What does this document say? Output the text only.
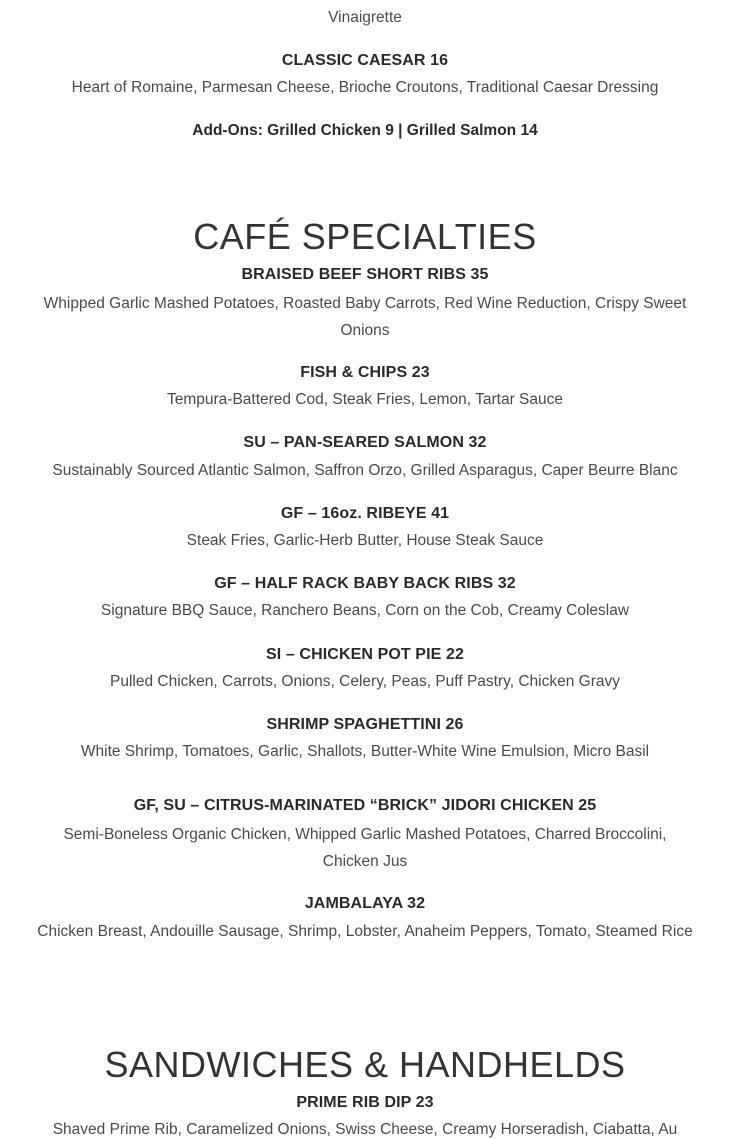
Vinaigrette
CLASSIC CAESAR 16
Heart of Romaine, Parmesan Cheese, Brioche Croutons, Traditional Caesar Dressing
Add-Ons: Grilled Chicken 9 | Grilled Salmon 14
CAFÉ SPECIALTIES
BRAISED BEEF SHORT RIBS 35
Whipped Garlic Mashed Potatoes, Roasted Baby Carrots, Red Wine Reduction, Crispy Sweet Onions
FISH & CHIPS 23
Tempura-Battered Cod, Steak Fries, Lemon, Tartar Sauce
SU – PAN-SEARED SALMON 32
Sustainably Sourced Atlantic Salmon, Saffron Orzo, Grilled Asparagus, Caper Beurre Blanc
GF – 16oz. RIBEYE 41
Steak Fries, Garlic-Herb Butter, House Steak Sauce
GF – HALF RACK BABY BACK RIBS 32
Signature BBQ Sauce, Ranchero Beans, Corn on the Cob, Creamy Coleslaw
SI – CHICKEN POT PIE 22
Pulled Chicken, Carrots, Onions, Celery, Peas, Puff Pastry, Chicken Gravy
SHRIMP SPAGHETTINI 26
White Shrimp, Tomatoes, Garlic, Shallots, Butter-White Wine Emulsion, Micro Basil
GF, SU – CITRUS-MARINATED “BRICK” JIDORI CHICKEN 25
Semi-Boneless Organic Chicken, Whipped Garlic Mashed Potatoes, Charred Broccolini, Chicken Jus
JAMBALAYA 32
Chicken Breast, Andouille Sausage, Shrimp, Lobster, Anaheim Peppers, Tomato, Steamed Rice
SANDWICHES & HANDHELDS
PRIME RIB DIP 23
Shaved Prime Rib, Caramelized Onions, Swiss Cheese, Creamy Horseradish, Ciabatta, Au
